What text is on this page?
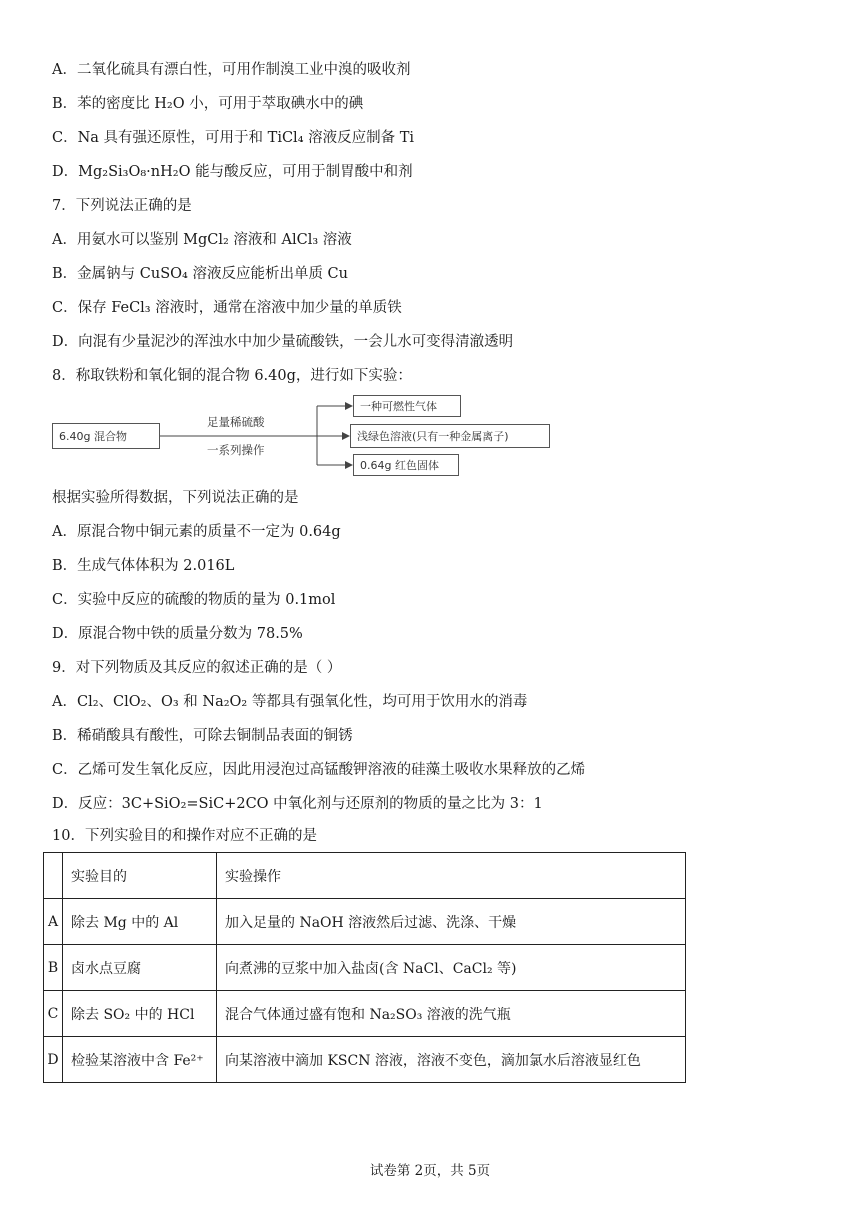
A．二氧化硫具有漂白性，可用作制溴工业中溴的吸收剂
B．苯的密度比 H₂O 小，可用于萃取碘水中的碘
C．Na 具有强还原性，可用于和 TiCl₄ 溶液反应制备 Ti
D．Mg₂Si₃O₈·nH₂O 能与酸反应，可用于制胃酸中和剂
7．下列说法正确的是
A．用氨水可以鉴别 MgCl₂ 溶液和 AlCl₃ 溶液
B．金属钠与 CuSO₄ 溶液反应能析出单质 Cu
C．保存 FeCl₃ 溶液时，通常在溶液中加少量的单质铁
D．向混有少量泥沙的浑浊水中加少量硫酸铁，一会儿水可变得清澈透明
8．称取铁粉和氧化铜的混合物 6.40g，进行如下实验：
6.40g 混合物
足量稀硫酸
一系列操作
一种可燃性气体
浅绿色溶液(只有一种金属离子)
0.64g 红色固体
根据实验所得数据，下列说法正确的是
A．原混合物中铜元素的质量不一定为 0.64g
B．生成气体体积为 2.016L
C．实验中反应的硫酸的物质的量为 0.1mol
D．原混合物中铁的质量分数为 78.5%
9．对下列物质及其反应的叙述正确的是（ ）
A．Cl₂、ClO₂、O₃ 和 Na₂O₂ 等都具有强氧化性，均可用于饮用水的消毒
B．稀硝酸具有酸性，可除去铜制品表面的铜锈
C．乙烯可发生氧化反应，因此用浸泡过高锰酸钾溶液的硅藻土吸收水果释放的乙烯
D．反应：3C+SiO₂=SiC+2CO 中氧化剂与还原剂的物质的量之比为 3：1
10．下列实验目的和操作对应不正确的是
	实验目的	实验操作
A	除去 Mg 中的 Al	加入足量的 NaOH 溶液然后过滤、洗涤、干燥
B	卤水点豆腐	向煮沸的豆浆中加入盐卤(含 NaCl、CaCl₂ 等)
C	除去 SO₂ 中的 HCl	混合气体通过盛有饱和 Na₂SO₃ 溶液的洗气瓶
D	检验某溶液中含 Fe²⁺	向某溶液中滴加 KSCN 溶液，溶液不变色，滴加氯水后溶液显红色
试卷第 2页，共 5页
